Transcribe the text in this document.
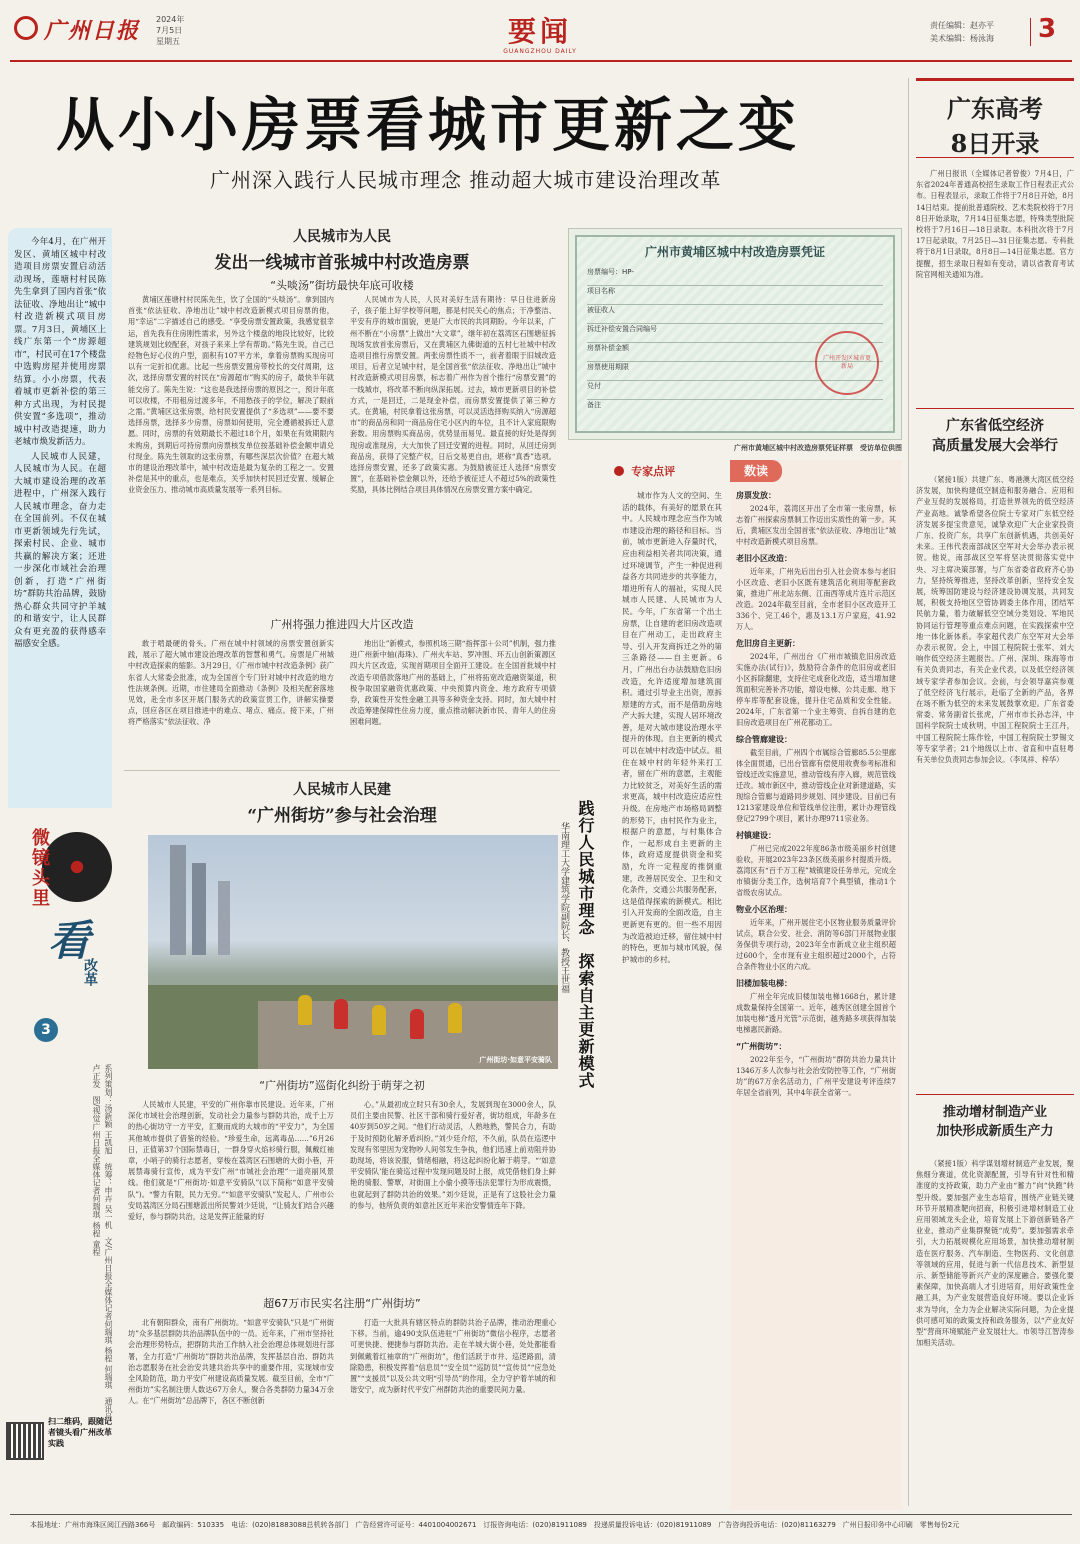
广州日报 2024年
7月5日
星期五	要闻
GUANGZHOU DAILY
责任编辑：赵亦平
美术编辑：杨泳海 3
从小小房票看城市更新之变
广州深入践行人民城市理念 推动超大城市建设治理改革
广东高考
8日开录
广州日报讯（全媒体记者曾俊）7月4日，广东省2024年普通高校招生录取工作日程表正式公布。日程表显示，录取工作将于7月8日开始，8月14日结束。提前批普通院校、艺术类院校将于7月8日开始录取，7月14日征集志愿，特殊类型批院校将于7月16日—18日录取。本科批次将于7月17日起录取，7月25日—31日征集志愿。专科批将于8月1日录取，8月8日—14日征集志愿。官方提醒，招生录取日程如有变动，请以省教育考试院官网相关通知为准。
广东省低空经济
高质量发展大会举行
（紧接1版）共建广东、粤港澳大湾区低空经济发展，加快构建低空制造和服务融合、应用和产业互促的发展格局，打造世界领先的低空经济产业高地。诚挚希望各位院士专家对广东低空经济发展多提宝贵意见，诚挚欢迎广大企业家投资广东、投资广东，共享广东创新机遇，共创美好未来。王伟代表南部战区空军对大会举办表示祝贺。他说，南部战区空军将坚决贯彻落实党中央、习主席决策部署，与广东省委省政府齐心协力，坚持统筹推进，坚持改革创新，坚持安全发展，统筹国防建设与经济建设协调发展，共同发展，积极支持地区空管协调委主体作用，团结军民航力量，着力破解低空空域分类划设、军地民协同运行管理等重点难点问题，在实践探索中空地一体化新体系。李家超代表广东空军对大会举办表示祝贺。会上，中国工程院院士张军、刘大响作低空经济主题报告。广州、深圳、珠海等市有关负责同志，有关企业代表，以及低空经济领域专家学者参加会议。会前，与会领导嘉宾参观了低空经济飞行展示，赴临了全新的产品，各界在场不断为低空的未来发展鼓掌欢迎。广东省委常委、常务副省长张虎，广州市市长孙志洋，中国科学院院士成秋明，中国工程院院士王江丹，中国工程院院士陈作铨，中国工程院院士罗锡文等专家学者；21个地级以上市、省直和中直驻粤有关单位负责同志参加会议。（李凤祥、梓华）
推动增材制造产业
加快形成新质生产力
（紧接1版）科学谋划增材制造产业发展，聚焦细分赛道，优化资源配置，引导有针对性和精准度的支持政策，助力产业由“蓄力”向“快跑”转型升级。要加强产业生态培育，围绕产业链关键环节开展精准靶向招商，积极引进增材制造工业应用领域龙头企业，培育发展上下游创新链各产业业，推动产业集群聚链“成势”。要加强需求牵引，大力拓展规模化应用场景，加快推动增材制造在医疗服务、汽车制造、生物医药、文化创意等领域的应用，促进与新一代信息技术、新型显示、新型储能等新兴产业的深度融合。要强化要素保障，加快高端人才引进培育，用好政策性金融工具，为产业发展营造良好环境。要以企业诉求为导向，全力为企业解决实际问题，为企业提供可感可知的政策支持和政务服务，以“产业友好型”营商环境赋能产业发展壮大。市领导江智涛参加相关活动。
今年4月，在广州开发区、黄埔区城中村改造项目房票安置启动活动现场，莲塘村村民陈先生拿到了国内首张“依法征收、净地出让”城中村改造新模式项目房票。7月3日，黄埔区上线广东第一个“房源超市”，村民可在17个楼盘中选购房屋并使用房票结算。小小房票，代表着城市更新补偿的第三种方式出现，为村民提供安置“多选项”，推动城中村改造提速，助力老城市焕发新活力。
人民城市人民建，人民城市为人民。在超大城市建设治理的改革进程中，广州深入践行人民城市理念，奋力走在全国前列。不仅在城市更新领域先行先试，探索村民、企业、城市共赢的解决方案；还进一步深化市域社会治理创新，打造“广州街坊”群防共治品牌，鼓励热心群众共同守护羊城的和谐安宁，让人民群众有更充盈的获得感幸福感安全感。
微镜头里
看
改革
3
系列策划：汤新颖 王凯旭　统筹：申卉 吴一机　文/广州日报全媒体记者何瑞琪 杨程 何瑞琪　通讯员卢正发　图/视觉广州日报全媒体记者何瑞琪 杨程 童程
扫二维码，跟随记者镜头看广州改革实践
人民城市为人民
发出一线城市首张城中村改造房票
“头啖汤”街坊最快年底可收楼
黄埔区莲塘村村民陈先生，饮了全国的“头啖汤”。拿到国内首张“依法征收、净地出让”城中村改造新模式项目房票的他，用“幸运”二字描述自己的感受。“享受房票安置政策，我感觉很幸运，首先我有住房刚性需求，另外这个楼盘的地段比较好，比较建筑规划比较配套，对孩子来来上学有帮助。”陈先生说，自己已经物色好心仪的户型，面积有107平方米，拿着房票购买现房可以有一定折扣优惠。比起一些房票安置房带校长的交付周期，这次，选择房票安置的村民在“房源超市”购买的房子，最快半年就能交房了。陈先生说：“这也是我选择房票的原因之一，预计年底可以收楼，不用租房过渡多年，不用愁孩子的学位，解决了眼前之需。”黄埔区这张房票，给村民安置提供了“多选项”——要不要选择房票，选择多少房票，房票如何使用，完全遵循被拆迁人意愿。同时，房票的有效期最长不超过18个月，如果在有效期限内未购房，到期后可持房票向房票核发单位按基础补偿金额申请兑付现金。陈先生领取的这张房票，有哪些深层次价值？在超大城市的建设治理改革中，城中村改造是最为复杂的工程之一。安置补偿是其中的重点，也是难点，关乎加快村民回迁安置、缓解企业资金压力、推动城市高质量发展等一系列目标。
人民城市为人民，人民对美好生活有期待：早日住进新房子，孩子能上好学校等问题，都是村民关心的焦点；干净整洁、平安有序的城市面貌，更是广大市民的共同期盼。今年以来，广州不断在“小房票”上做出“大文章”，继年初在荔湾区石围塘征拆现场发放首张房票后，又在黄埔区九佛街道的五村七社城中村改造项目推行房票安置。两张房票性质不一，前者着眼于旧城改造项目，后者立足城中村，是全国首张“依法征收、净地出让”城中村改造新模式项目房票，标志着广州作为首个推行“房票安置”的一线城市，将改革不断向纵深拓展。过去，城市更新项目的补偿方式，一是回迁，二是现金补偿，而房票安置提供了第三种方式。在黄埔，村民拿着这张房票，可以灵活选择购买纳入“房源超市”的商品房和同一商品房住宅小区内的车位，且不计入家庭限购套数。用房票购买商品房，优势显而易见。最直接的好处是得到现房或准现房，大大加快了回迁安置的进程。同时，从回迁房到商品房，获得了完整产权，日后交易更自由，堪称“真香”选项。选择房票安置，还多了政策实惠。为鼓励被征迁人选择“房票安置”，在基础补偿金额以外，还给予被征迁人不超过5%的政策性奖励，具体比例结合项目具体情况在房票安置方案中确定。
广州将强力推进四大片区改造
敢于啃最硬的骨头。广州在城中村领域的房票安置创新实践，展示了超大城市建设治理改革的智慧和勇气。房票是广州城中村改造探索的缩影。3月29日，《广州市城中村改造条例》获广东省人大常委会批准，成为全国首个专门针对城中村改造的地方性法规条例。近期，市住建局全面推动《条例》及相关配套落地见效，赴全市多区开展门服务式的政策宣贯工作，讲解实操要点，回应各区在项目推进中的难点、堵点、痛点。接下来，广州将严格落实“依法征收、净
地出让”新模式，参照机场三期“指挥部＋公司”机制，强力推进广州新中轴(海珠)、广州火车站、罗冲围、环五山创新策源区四大片区改造，实现首期项目全面开工建设。在全国首批城中村改造专项借款落地广州的基础上，广州将拓宽改造融资渠道，积极争取国家融资优惠政策、中央预算内资金、地方政府专项债券，政策性开发性金融工具等多种资金支持。同时，加大城中村改造筹建保障性住房力度，重点推动解决新市民、青年人的住房困难问题。
广州市黄埔区城中村改造房票凭证
房票编号：HP-
项目名称
被征收人
拆迁补偿安置合同编号
房票补偿金额
房票使用期限
兑付
备注
广州开发区城市更新局
广州市黄埔区城中村改造房票凭证样票　受访单位供图
专家点评
城市作为人文的空间、生活的载体，有美好的愿景在其中。人民城市理念应当作为城市建设治理的路径和目标。当前，城市更新进入存量时代，应由利益相关者共同决策，通过环境调节，产生一种促进利益各方共同进步的共享能力，增进所有人的福祉，实现人民城市人民建、人民城市为人民。今年，广东省第一个出土房票，让自建的老旧房改造项目在广州动工，走出政府主导、引入开发商拆迁之外的第三条路径——自主更新。6月，广州出台办法鼓励危旧房改造，允许适度增加建筑面积。通过引导业主出资，原拆原建的方式，而不是借助房地产大拆大建，实现人居环境改善，是对大城市建设治理水平提升的体现。自主更新的模式可以在城中村改造中试点。祖住在城中村的年轻外来打工者，留在广州的意愿，主观能力比较贫乏，对美好生活的需求更高，城中村改造应适应性升级。在房地产市场格局调整的形势下，由村民作为业主，根据户的意愿，与村集体合作，一起形成自主更新的主体，政府适度提供资金和奖励，允许一定程度的推倒重建，改善居民安全、卫生和文化条件，交通公共服务配套，这是值得探索的新模式。相比引入开发商的全面改造，自主更新更有更的。但一些不用因为改造被迫迁移，留住城中村的特色，更加与城市风貌，保护城市的乡村。
践行人民城市理念　探索自主更新模式
华南理工大学建筑学院副院长、教授王世福
数读
房票发放：
2024年，荔湾区开出了全市第一张房票，标志着广州探索房票制工作迈出实质性的第一步。其后，黄埔区发出全国首张“依法征收、净地出让”城中村改造新模式项目房票。
老旧小区改造：
近年来，广州先后出台引入社会资本参与老旧小区改造、老旧小区既有建筑活化利用等配套政策，推进广州北站东侧、江南西等成片连片示范区改造。2024年截至目前，全市老旧小区改造开工336个、完工46个，惠及13.1万户家庭，41.92万人。
危旧房自主更新：
2024年，广州出台《广州市城镇危旧房改造实施办法(试行)》，鼓励符合条件的危旧房或老旧小区拆除翻建，支持住宅成套化改造，适当增加建筑面积完善补齐功能，增设电梯、公共走廊、地下停车库等配套设施，提升住宅品质和安全性能。2024年，广东省第一个业主筹资、自拆自建的危旧房改造项目在广州花都动工。
综合管廊建设：
截至目前，广州四个市属综合管廊85.5公里廊体全面贯通，已出台管廊有偿使用收费参考标准和管线迁改实施意见，推动管线有序入廊，规范管线迁改。城市新区中，推动管线企业对新建道路，实现综合管廊与道路同步规划、同步建设。目前已有1213家建设单位和管线单位注册，累计办理管线登记2799个项目，累计办理9711宗业务。
村镇建设：
广州已完成2022年度86条市级美丽乡村创建验收，开展2023年23条区级美丽乡村提质升级。荔湾区有“百千万工程”城镇建设任务单元，完成全市镇街分类工作，选树培育7个典型镇，推动1个省级农房试点。
物业小区治理：
近年来，广州开展住宅小区物业服务质量评价试点，联合公安、社会、消防等6部门开展物业服务保供专项行动，2023年全市新成立业主组织超过600个，全市现有业主组织超过2000个，占符合条件物业小区的六成。
旧楼加装电梯：
广州全年完成旧楼加装电梯1668台，累计建成数量保持全国第一。近年，越秀区创建全国首个加装电梯“透月光管”示范街，越秀路多项获得加装电梯惠民新路。
“广州街坊”：
2022年至今，“广州街坊”群防共治力量共计1346万多人次参与社会治安防控等工作，“广州街坊”的67万余名活动力，广州平安建设考评连续7年居全省前列，其中4年获全省第一。
人民城市人民建
“广州街坊”参与社会治理
广州街坊·如意平安骑队
“广州街坊”巡街化纠纷于萌芽之初
人民城市人民建，平安的广州你靠市民建设。近年来，广州深化市域社会治理创新，发动社会力量参与群防共治，成千上万的热心街坊守一方平安，汇聚而成的大城市的“平安力”，为全国其他城市提供了借鉴的经验。“珍爱生命，远离毒品……”6月26日，正值第37个国际禁毒日，一群身穿火焰衫骑行服，佩戴红袖章，小哨子的骑行志愿者，穿梭在荔湾区石围塘的大街小巷，开展禁毒骑行宣传，成为平安广州“市城社会治理”一道亮丽风景线。他们就是“广州街坊·如意平安骑队”(以下简称“如意平安骑队”)。“警力有限，民力无穷。”“如意平安骑队”发起人、广州市公安局荔湾区分局石围塘派出所民警刘少廷说，“让骑友们结合兴趣爱好，参与群防共治，这是发挥正能量的好
心。”从最初成立时只有30余人，发展到现在3000余人，队员们主要由民警、社区干部和骑行爱好者，街坊组成，年龄多在40岁到50岁之间。“他们行动灵活，人熟地熟，警民合力，有助于及时预防化解矛盾纠纷。”刘少廷介绍，不久前，队员在巡逻中发现有邻里因为宠物吵人间邻发生争执，他们迅速上前劝阻并协助现场，将该说服，情绪相融，将这起纠纷化解于萌芽。“‘如意平安骑队’能在骑巡过程中发现问题及时上报，成凭借他们身上鲜艳的骑服、警覃，对街面上小偷小摸等违法犯罪行为形成震慑，也就起到了群防共治的效果。”刘少廷说，正是有了这股社会力量的参与，他所负责的如意社区近年来治安警情连年下降。
超67万市民实名注册“广州街坊”
北有朝阳群众，南有广州街坊。“如意平安骑队”只是“广州街坊”众多基层群防共治品牌队伍中的一员。近年来，广州市坚持社会治理形势特点，把群防共治工作纳入社会治理总体规划进行部署，全力打造“广州街坊”群防共治品牌，发挥基层自治、群防共治志愿服务在社会治安共建共治共享中的重要作用，实现城市安全风险防范，助力平安广州建设高质量发展。截至目前，全市“广州街坊”实名制注册人数达67万余人，聚合各类群防力量34万余人。在“广州街坊”总品牌下，各区不断创新
打造一大批具有辖区特点的群防共治子品牌，推动治理重心下移。当前，逾490支队伍进驻“广州街坊”微信小程序，志愿者可更快捷、便捷参与群防共治。走在羊城大街小巷，处处都能看到佩戴着红袖章的“广州街坊”，他们活跃于市井、巡逻路面，清除隐患，积极发挥着“信息员”“安全员”“巡防员”“宣传员”“应急处置”“支援员”以及公共文明“引导员”的作用，全力守护着羊城的和谐安宁，成为新时代平安广州群防共治的重要民间力量。
本报地址：广州市海珠区阅江西路366号　邮政编码：510335　电话：(020)81883088总机转各部门　广告经营许可证号：4401004002671　订报咨询电话：(020)81911089　投递质量投诉电话：(020)81911089　广告咨询投诉电话：(020)81163279　广州日报印务中心印刷　零售每份2元
